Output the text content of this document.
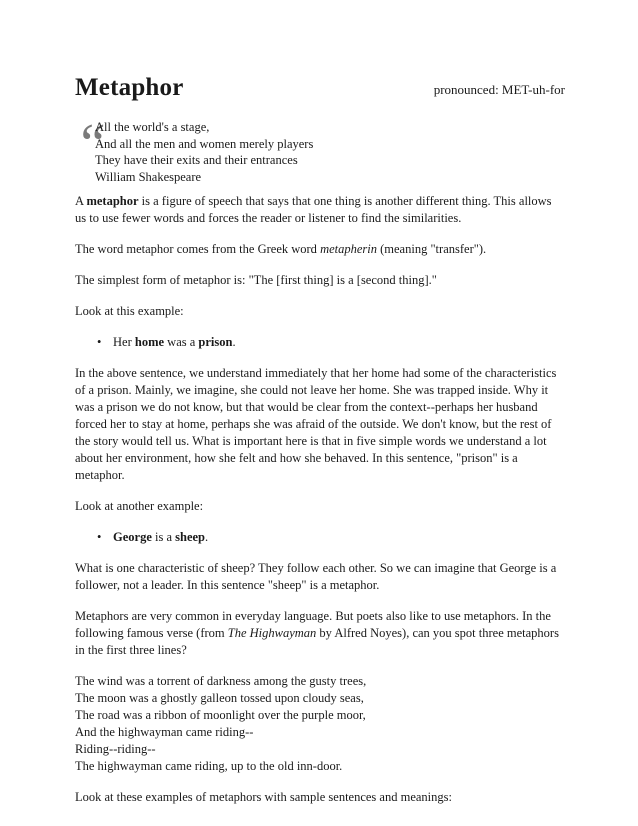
Metaphor	pronounced: MET-uh-for
“
All the world's a stage,
And all the men and women merely players
They have their exits and their entrances
William Shakespeare

A metaphor is a figure of speech that says that one thing is another different thing. This allows us to use fewer words and forces the reader or listener to find the similarities.

The word metaphor comes from the Greek word metapherin (meaning "transfer").

The simplest form of metaphor is: "The [first thing] is a [second thing]."

Look at this example:

• Her home was a prison.

In the above sentence, we understand immediately that her home had some of the characteristics of a prison. Mainly, we imagine, she could not leave her home. She was trapped inside. Why it was a prison we do not know, but that would be clear from the context--perhaps her husband forced her to stay at home, perhaps she was afraid of the outside. We don't know, but the rest of the story would tell us. What is important here is that in five simple words we understand a lot about her environment, how she felt and how she behaved. In this sentence, "prison" is a metaphor.

Look at another example:

• George is a sheep.

What is one characteristic of sheep? They follow each other. So we can imagine that George is a follower, not a leader. In this sentence "sheep" is a metaphor.

Metaphors are very common in everyday language. But poets also like to use metaphors. In the following famous verse (from The Highwayman by Alfred Noyes), can you spot three metaphors in the first three lines?

The wind was a torrent of darkness among the gusty trees,
The moon was a ghostly galleon tossed upon cloudy seas,
The road was a ribbon of moonlight over the purple moor,
And the highwayman came riding--
Riding--riding--
The highwayman came riding, up to the old inn-door.

Look at these examples of metaphors with sample sentences and meanings:
